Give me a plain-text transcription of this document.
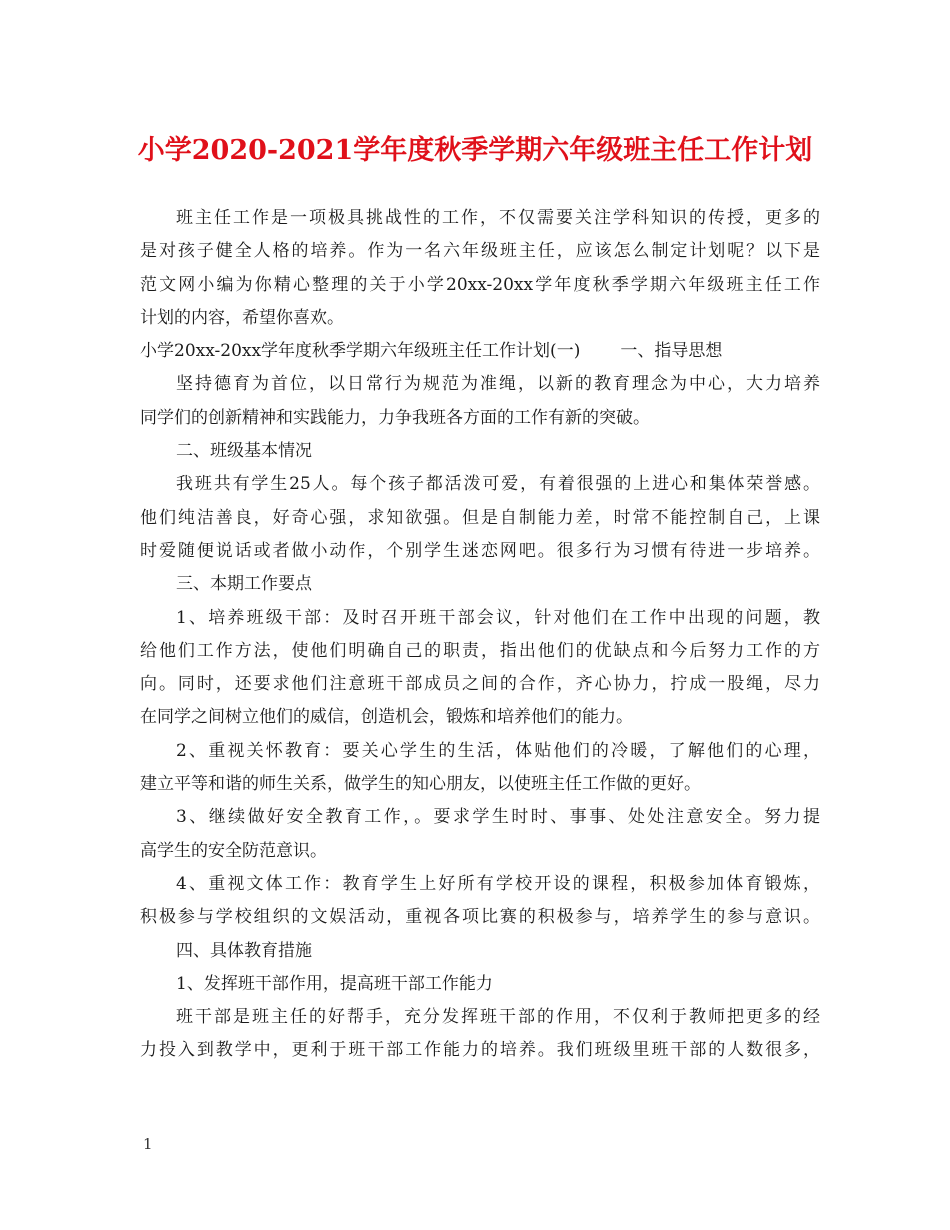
小学2020-2021学年度秋季学期六年级班主任工作计划
班主任工作是一项极具挑战性的工作，不仅需要关注学科知识的传授，更多的
是对孩子健全人格的培养。作为一名六年级班主任，应该怎么制定计划呢？以下是
范文网小编为你精心整理的关于小学20xx-20xx学年度秋季学期六年级班主任工作
计划的内容，希望你喜欢。
小学20xx-20xx学年度秋季学期六年级班主任工作计划(一) 一、指导思想
坚持德育为首位，以日常行为规范为准绳，以新的教育理念为中心，大力培养
同学们的创新精神和实践能力，力争我班各方面的工作有新的突破。
二、班级基本情况
我班共有学生25人。每个孩子都活泼可爱，有着很强的上进心和集体荣誉感。
他们纯洁善良，好奇心强，求知欲强。但是自制能力差，时常不能控制自己，上课
时爱随便说话或者做小动作，个别学生迷恋网吧。很多行为习惯有待进一步培养。
三、本期工作要点
1、培养班级干部：及时召开班干部会议，针对他们在工作中出现的问题，教
给他们工作方法，使他们明确自己的职责，指出他们的优缺点和今后努力工作的方
向。同时，还要求他们注意班干部成员之间的合作，齐心协力，拧成一股绳，尽力
在同学之间树立他们的威信，创造机会，锻炼和培养他们的能力。
2、重视关怀教育：要关心学生的生活，体贴他们的冷暖，了解他们的心理，
建立平等和谐的师生关系，做学生的知心朋友，以使班主任工作做的更好。
3、继续做好安全教育工作，。要求学生时时、事事、处处注意安全。努力提
高学生的安全防范意识。
4、重视文体工作：教育学生上好所有学校开设的课程，积极参加体育锻炼，
积极参与学校组织的文娱活动，重视各项比赛的积极参与，培养学生的参与意识。
四、具体教育措施
1、发挥班干部作用，提高班干部工作能力
班干部是班主任的好帮手，充分发挥班干部的作用，不仅利于教师把更多的经
力投入到教学中，更利于班干部工作能力的培养。我们班级里班干部的人数很多，
1
